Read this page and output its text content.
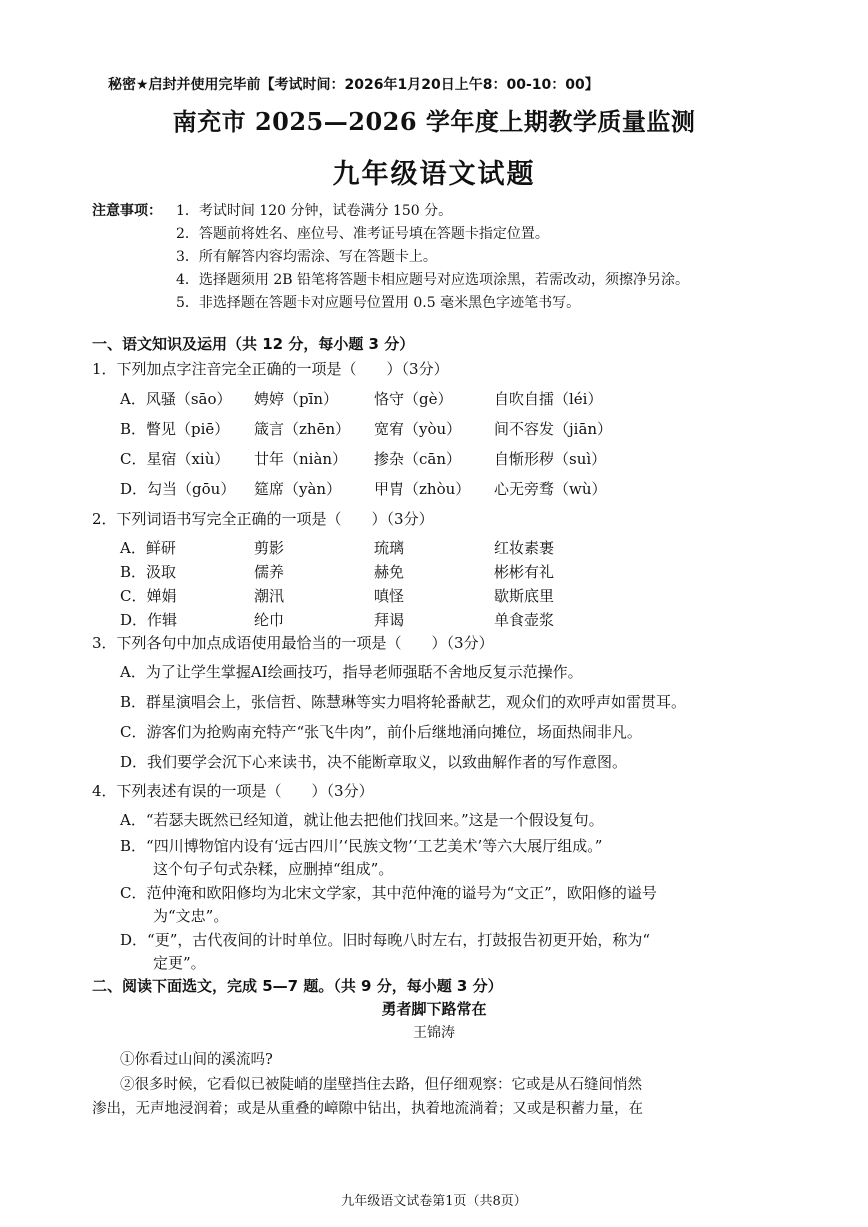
秘密★启封并使用完毕前【考试时间：2026年1月20日上午8：00-10：00】
南充市 2025—2026 学年度上期教学质量监测
九年级语文试题
注意事项： 1．考试时间 120 分钟，试卷满分 150 分。
2．答题前将姓名、座位号、准考证号填在答题卡指定位置。
3．所有解答内容均需涂、写在答题卡上。
4．选择题须用 2B 铅笔将答题卡相应题号对应选项涂黑，若需改动，须擦净另涂。
5．非选择题在答题卡对应题号位置用 0.5 毫米黑色字迹笔书写。
一、语文知识及运用（共 12 分，每小题 3 分）
1．下列加点字注音完全正确的一项是（　　）（3分）
A．风骚（sāo） 娉婷（pīn） 恪守（gè）	自吹自擂（léi）
B．瞥见（piē） 箴言（zhēn） 宽宥（yòu） 间不容发（jiān）
C．星宿（xiù） 廿年（niàn） 掺杂（cān） 自惭形秽（suì）
D．勾当（gōu） 筵席（yàn） 甲胄（zhòu） 心无旁骛（wù）
2．下列词语书写完全正确的一项是（　　）（3分）
A．鲜研	剪影	琉璃	红妆素裹
B．汲取	儒养	赫免	彬彬有礼
C．婵娟	潮汛	嗔怪	歇斯底里
D．作辑	纶巾	拜谒	单食壶浆
3．下列各句中加点成语使用最恰当的一项是（　　）（3分）
A．为了让学生掌握AI绘画技巧，指导老师强聒不舍地反复示范操作。
B．群星演唱会上，张信哲、陈慧琳等实力唱将轮番献艺，观众们的欢呼声如雷贯耳。
C．游客们为抢购南充特产“张飞牛肉”，前仆后继地涌向摊位，场面热闹非凡。
D．我们要学会沉下心来读书，决不能断章取义，以致曲解作者的写作意图。
4．下列表述有误的一项是（　　）（3分）
A．“若瑟夫既然已经知道，就让他去把他们找回来。”这是一个假设复句。
B．“四川博物馆内设有‘远古四川’‘民族文物’‘工艺美术’等六大展厅组成。”
这个句子句式杂糅，应删掉“组成”。
C．范仲淹和欧阳修均为北宋文学家，其中范仲淹的谥号为“文正”，欧阳修的谥号
为“文忠”。
D．“更”，古代夜间的计时单位。旧时每晚八时左右，打鼓报告初更开始，称为“
定更”。
二、阅读下面选文，完成 5—7 题。（共 9 分，每小题 3 分）
勇者脚下路常在
王锦涛
①你看过山间的溪流吗?
②很多时候，它看似已被陡峭的崖壁挡住去路，但仔细观察：它或是从石缝间悄然
渗出，无声地浸润着；或是从重叠的嶂隙中钻出，执着地流淌着；又或是积蓄力量，在
九年级语文试卷第1页（共8页）
